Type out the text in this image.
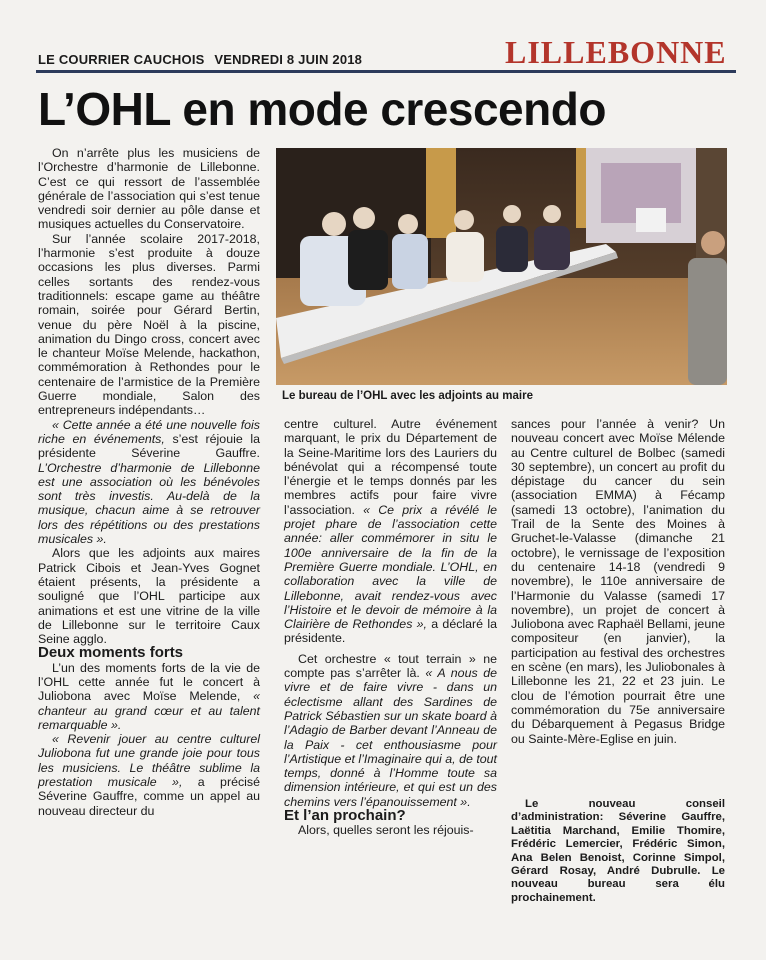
LE COURRIER CAUCHOIS VENDREDI 8 JUIN 2018	LILLEBONNE
L’OHL en mode crescendo

On n’arrête plus les musiciens de l’Orchestre d’harmonie de Lillebonne. C’est ce qui ressort de l’assemblée générale de l’association qui s’est tenue vendredi soir dernier au pôle danse et musiques actuelles du Conservatoire.

Sur l’année scolaire 2017-2018, l’harmonie s’est produite à douze occasions les plus diverses. Parmi celles sortants des rendez-vous traditionnels: escape game au théâtre romain, soirée pour Gérard Bertin, venue du père Noël à la piscine, animation du Dingo cross, concert avec le chanteur Moïse Melende, hackathon, commémoration à Rethondes pour le centenaire de l’armistice de la Première Guerre mondiale, Salon des entrepreneurs indépendants…

« Cette année a été une nouvelle fois riche en événements, s’est réjouie la présidente Séverine Gauffre. L’Orchestre d’harmonie de Lillebonne est une association où les bénévoles sont très investis. Au-delà de la musique, chacun aime à se retrouver lors des répétitions ou des prestations musicales ».

Alors que les adjoints aux maires Patrick Cibois et Jean-Yves Gognet étaient présents, la présidente a souligné que l’OHL participe aux animations et est une vitrine de la ville de Lillebonne sur le territoire Caux Seine agglo.

Deux moments forts

L’un des moments forts de la vie de l’OHL cette année fut le concert à Juliobona avec Moïse Melende, « chanteur au grand cœur et au talent remarquable ».

« Revenir jouer au centre culturel Juliobona fut une grande joie pour tous les musiciens. Le théâtre sublime la prestation musicale », a précisé Séverine Gauffre, comme un appel au nouveau directeur du

Le bureau de l’OHL avec les adjoints au maire

centre culturel. Autre événement marquant, le prix du Département de la Seine-Maritime lors des Lauriers du bénévolat qui a récompensé toute l’énergie et le temps donnés par les membres actifs pour faire vivre l’association. « Ce prix a révélé le projet phare de l’association cette année: aller commémorer in situ le 100e anniversaire de la fin de la Première Guerre mondiale. L’OHL, en collaboration avec la ville de Lillebonne, avait rendez-vous avec l’Histoire et le devoir de mémoire à la Clairière de Rethondes », a déclaré la présidente.

Cet orchestre « tout terrain » ne compte pas s’arrêter là. « A nous de vivre et de faire vivre - dans un éclectisme allant des Sardines de Patrick Sébastien sur un skate board à l’Adagio de Barber devant l’Anneau de la Paix - cet enthousiasme pour l’Artistique et l’Imaginaire qui a, de tout temps, donné à l’Homme toute sa dimension intérieure, et qui est un des chemins vers l’épanouissement ».

Et l’an prochain?

Alors, quelles seront les réjouis-

sances pour l’année à venir? Un nouveau concert avec Moïse Mélende au Centre culturel de Bolbec (samedi 30 septembre), un concert au profit du dépistage du cancer du sein (association EMMA) à Fécamp (samedi 13 octobre), l’animation du Trail de la Sente des Moines à Gruchet-le-Valasse (dimanche 21 octobre), le vernissage de l’exposition du centenaire 14-18 (vendredi 9 novembre), le 110e anniversaire de l’Harmonie du Valasse (samedi 17 novembre), un projet de concert à Juliobona avec Raphaël Bellami, jeune compositeur (en janvier), la participation au festival des orchestres en scène (en mars), les Juliobonales à Lillebonne les 21, 22 et 23 juin. Le clou de l’émotion pourrait être une commémoration du 75e anniversaire du Débarquement à Pegasus Bridge ou Sainte-Mère-Eglise en juin.

Le nouveau conseil d’administration: Séverine Gauffre, Laëtitia Marchand, Emilie Thomire, Frédéric Lemercier, Frédéric Simon, Ana Belen Benoist, Corinne Simpol, Gérard Rosay, André Dubrulle. Le nouveau bureau sera élu prochainement.
